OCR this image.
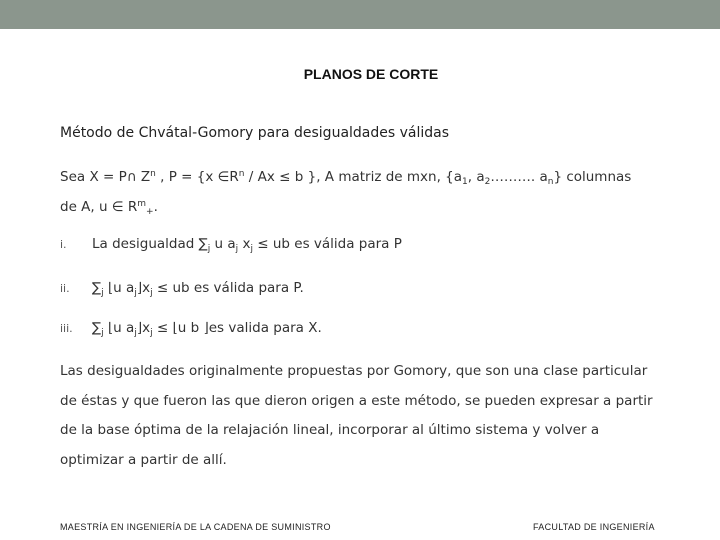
PLANOS DE CORTE
Método de Chvátal-Gomory para desigualdades válidas
Sea X = P∩ $Z^n$ , P = {x $\in R^n / Ax \le b$ }, A matriz de mxn, {$a_1$, $a_2\dots\dots\dots$. $a_n$} columnas
de A, u ∈ $R^m_+$.
i. La desigualdad $\sum_j$ u $a_j$ $x_j$ ≤ ub es válida para P
ii. $\sum_j$ ⌊u $a_j⌋x_j$ ≤ ub es válida para P.
iii. $\sum_j$ ⌊u $a_j⌋x_j$ ≤ ⌊u b ⌋es valida para X.
Las desigualdades originalmente propuestas por Gomory, que son una clase particular de éstas y que fueron las que dieron origen a este método, se pueden expresar a partir de la base óptima de la relajación lineal, incorporar al último sistema y volver a optimizar a partir de allí.
MAESTRÍA EN INGENIERÍA DE LA CADENA DE SUMINISTRO	FACULTAD DE INGENIERÍA
